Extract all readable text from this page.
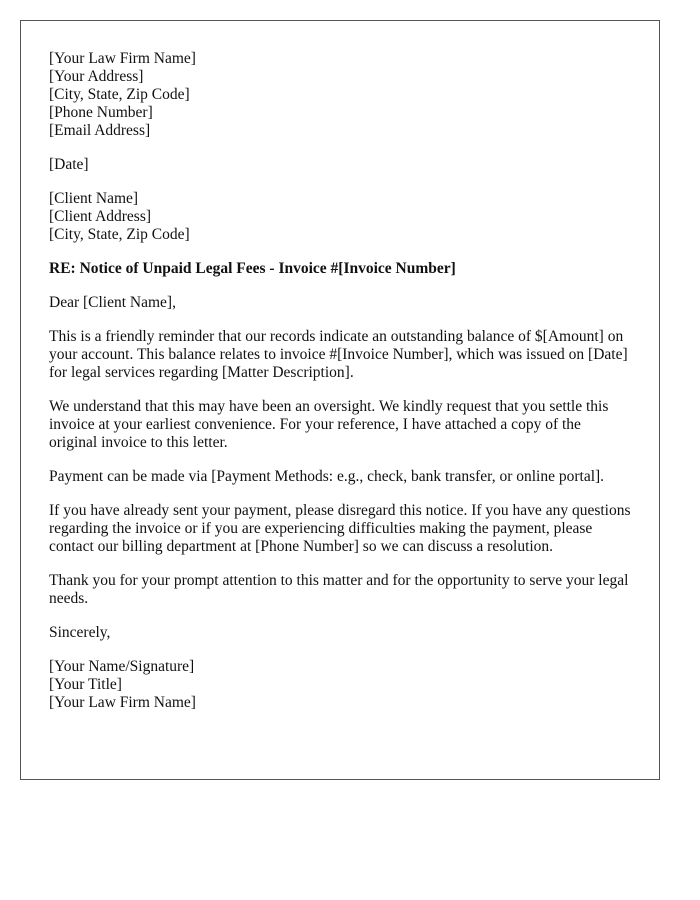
[Your Law Firm Name]
[Your Address]
[City, State, Zip Code]
[Phone Number]
[Email Address]
[Date]
[Client Name]
[Client Address]
[City, State, Zip Code]
RE: Notice of Unpaid Legal Fees - Invoice #[Invoice Number]
Dear [Client Name],

This is a friendly reminder that our records indicate an outstanding balance of $[Amount] on your account. This balance relates to invoice #[Invoice Number], which was issued on [Date] for legal services regarding [Matter Description].

We understand that this may have been an oversight. We kindly request that you settle this invoice at your earliest convenience. For your reference, I have attached a copy of the original invoice to this letter.

Payment can be made via [Payment Methods: e.g., check, bank transfer, or online portal].

If you have already sent your payment, please disregard this notice. If you have any questions regarding the invoice or if you are experiencing difficulties making the payment, please contact our billing department at [Phone Number] so we can discuss a resolution.

Thank you for your prompt attention to this matter and for the opportunity to serve your legal needs.

Sincerely,
[Your Name/Signature]
[Your Title]
[Your Law Firm Name]
